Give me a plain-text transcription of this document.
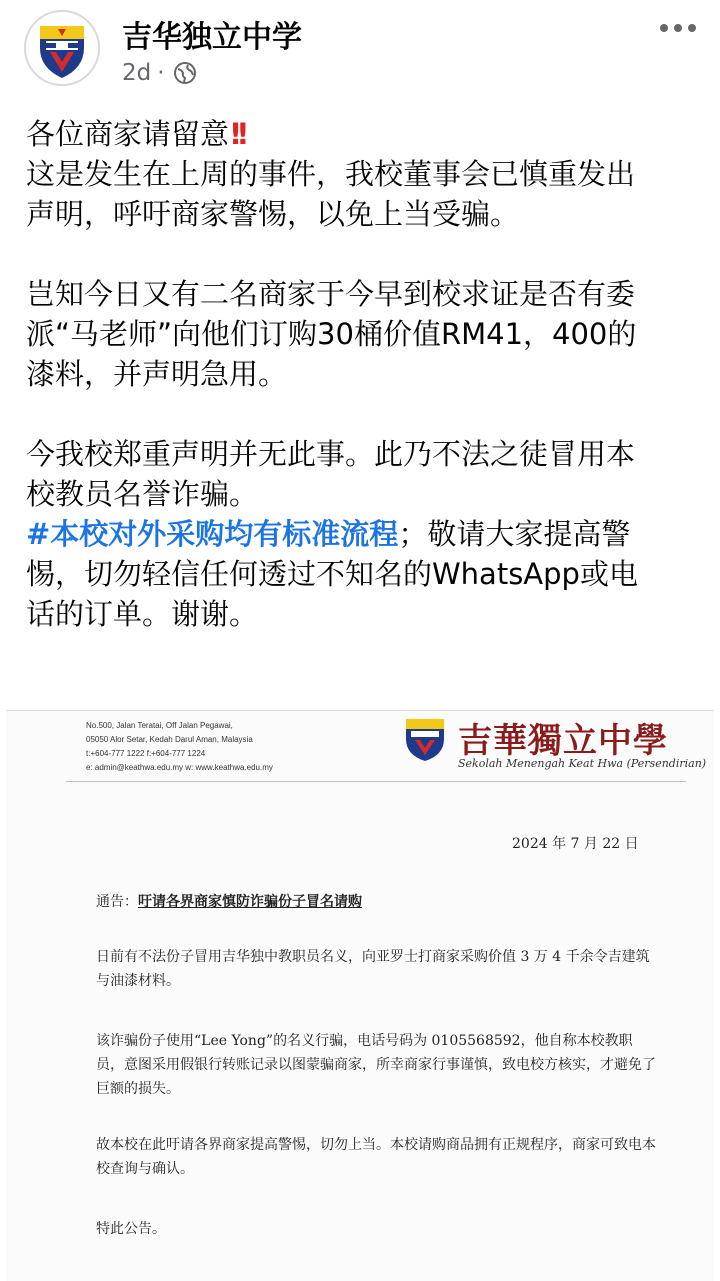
吉华独立中学
2d ·

各位商家请留意!!

这是发生在上周的事件，我校董事会已慎重发出

声明，呼吁商家警惕，以免上当受骗。

岂知今日又有二名商家于今早到校求证是否有委

派“马老师”向他们订购30桶价值RM41，400的

漆料，并声明急用。

今我校郑重声明并无此事。此乃不法之徒冒用本

校教员名誉诈骗。

#本校对外采购均有标准流程；敬请大家提高警

惕，切勿轻信任何透过不知名的WhatsApp或电

话的订单。谢谢。

No.500, Jalan Teratai, Off Jalan Pegawai,
05050 Alor Setar, Kedah Darul Aman, Malaysia
t:+604-777 1222 f:+604-777 1224
e: admin@keathwa.edu.my w: www.keathwa.edu.my
吉華獨立中學
Sekolah Menengah Keat Hwa (Persendirian)
2024 年 7 月 22 日
通告：吁请各界商家慎防诈骗份子冒名请购
日前有不法份子冒用吉华独中教职员名义，向亚罗士打商家采购价值 3 万 4 千余令吉建筑与油漆材料。
该诈骗份子使用“Lee Yong”的名义行骗，电话号码为 0105568592，他自称本校教职员，意图采用假银行转账记录以图蒙骗商家，所幸商家行事谨慎，致电校方核实，才避免了巨额的损失。
故本校在此吁请各界商家提高警惕，切勿上当。本校请购商品拥有正规程序，商家可致电本校查询与确认。
特此公告。
